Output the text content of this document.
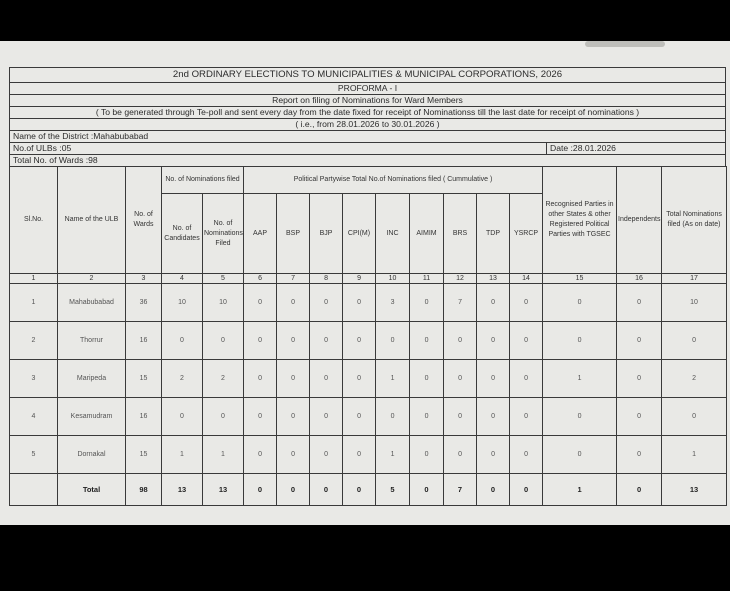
2nd ORDINARY ELECTIONS TO MUNICIPALITIES & MUNICIPAL CORPORATIONS, 2026
PROFORMA - I
Report on filing of Nominations for Ward Members
( To be generated through Te-poll and sent every day from the date fixed for receipt of Nominationss till the last date for receipt of nominations )
( i.e., from 28.01.2026 to 30.01.2026 )
Name of the District :Mahabubabad
No.of ULBs :05	Date :28.01.2026
Total No. of Wards :98
Sl.No.	Name of the ULB	No. of Wards	No. of Nominations filed		Political Partywise Total No.of Nominations filed ( Cummulative )									Recognised Parties in other States & other Registered Political Parties with TGSEC	Independents	Total Nominations filed (As on date)
			No. of Candidates	No. of Nominations Filed	AAP	BSP	BJP	CPI(M)	INC	AIMIM	BRS	TDP	YSRCP			
1	2	3	4	5	6	7	8	9	10	11	12	13	14	15	16	17
1	Mahabubabad	36	10	10	0	0	0	0	3	0	7	0	0	0	0	10
2	Thorrur	16	0	0	0	0	0	0	0	0	0	0	0	0	0	0
3	Maripeda	15	2	2	0	0	0	0	1	0	0	0	0	1	0	2
4	Kesamudram	16	0	0	0	0	0	0	0	0	0	0	0	0	0	0
5	Dornakal	15	1	1	0	0	0	0	1	0	0	0	0	0	0	1
	Total	98	13	13	0	0	0	0	5	0	7	0	0	1	0	13
